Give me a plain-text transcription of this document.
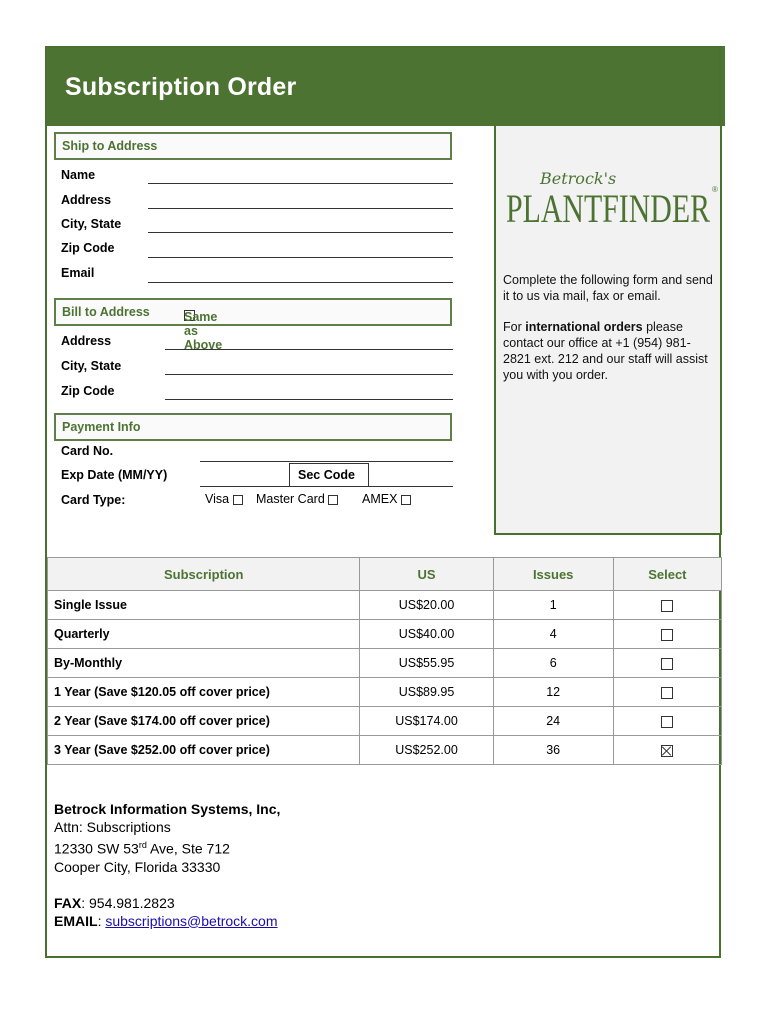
Subscription Order
Ship to Address
Name
Address
City, State
Zip Code
Email
Bill to Address	Same as Above
Address
City, State
Zip Code
Payment Info
Card No.
Exp Date (MM/YY)	Sec Code
Card Type:	Visa	Master Card	AMEX
Betrock's
PLANTFINDER ®
Complete the following form and send it to us via mail, fax or email.
For international orders please contact our office at +1 (954) 981-2821 ext. 212 and our staff will assist you with you order.
Subscription	US	Issues	Select
Single Issue	US$20.00	1	
Quarterly	US$40.00	4	
By-Monthly	US$55.95	6	
1 Year (Save $120.05 off cover price)	US$89.95	12	
2 Year (Save $174.00 off cover price)	US$174.00	24	
3 Year (Save $252.00 off cover price)	US$252.00	36	
Betrock Information Systems, Inc,
Attn: Subscriptions
12330 SW 53rd Ave, Ste 712
Cooper City, Florida 33330
FAX: 954.981.2823
EMAIL: subscriptions@betrock.com
